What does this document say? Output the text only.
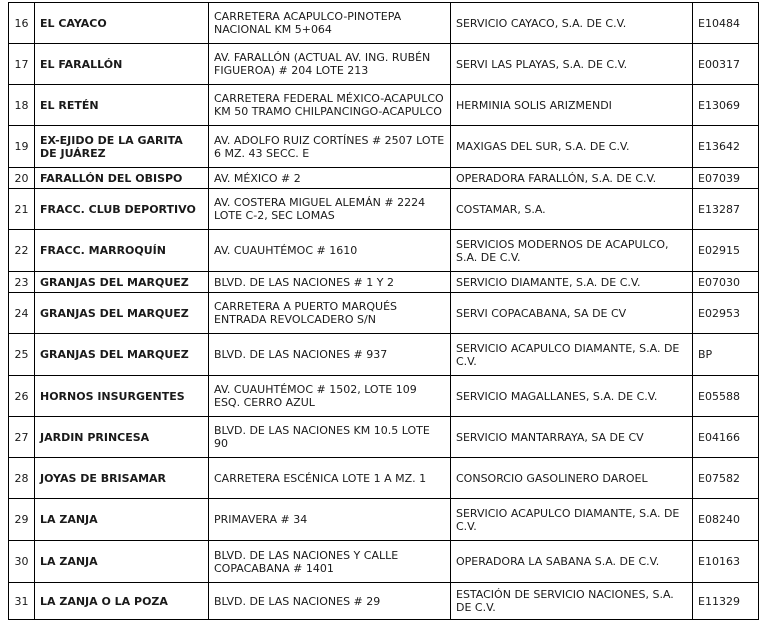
16	EL CAYACO	CARRETERA ACAPULCO-PINOTEPA NACIONAL KM 5+064	SERVICIO CAYACO, S.A. DE C.V.	E10484
17	EL FARALLÓN	AV. FARALLÓN (ACTUAL AV. ING. RUBÉN FIGUEROA) # 204 LOTE 213	SERVI LAS PLAYAS, S.A. DE C.V.	E00317
18	EL RETÉN	CARRETERA FEDERAL MÉXICO-ACAPULCO KM 50 TRAMO CHILPANCINGO-ACAPULCO	HERMINIA SOLIS ARIZMENDI	E13069
19	EX-EJIDO DE LA GARITA DE JUÁREZ	AV. ADOLFO RUIZ CORTÍNES # 2507 LOTE 6 MZ. 43 SECC. E	MAXIGAS DEL SUR, S.A. DE C.V.	E13642
20	FARALLÓN DEL OBISPO	AV. MÉXICO # 2	OPERADORA FARALLÓN, S.A. DE C.V.	E07039
21	FRACC. CLUB DEPORTIVO	AV. COSTERA MIGUEL ALEMÁN # 2224 LOTE C-2, SEC LOMAS	COSTAMAR, S.A.	E13287
22	FRACC. MARROQUÍN	AV. CUAUHTÉMOC # 1610	SERVICIOS MODERNOS DE ACAPULCO, S.A. DE C.V.	E02915
23	GRANJAS DEL MARQUEZ	BLVD. DE LAS NACIONES # 1 Y 2	SERVICIO DIAMANTE, S.A. DE C.V.	E07030
24	GRANJAS DEL MARQUEZ	CARRETERA A PUERTO MARQUÉS ENTRADA REVOLCADERO S/N	SERVI COPACABANA, SA DE CV	E02953
25	GRANJAS DEL MARQUEZ	BLVD. DE LAS NACIONES # 937	SERVICIO ACAPULCO DIAMANTE, S.A. DE C.V.	BP
26	HORNOS INSURGENTES	AV. CUAUHTÉMOC # 1502, LOTE 109 ESQ. CERRO AZUL	SERVICIO MAGALLANES, S.A. DE C.V.	E05588
27	JARDIN PRINCESA	BLVD. DE LAS NACIONES KM 10.5 LOTE 90	SERVICIO MANTARRAYA, SA DE CV	E04166
28	JOYAS DE BRISAMAR	CARRETERA ESCÉNICA LOTE 1 A MZ. 1	CONSORCIO GASOLINERO DAROEL	E07582
29	LA ZANJA	PRIMAVERA # 34	SERVICIO ACAPULCO DIAMANTE, S.A. DE C.V.	E08240
30	LA ZANJA	BLVD. DE LAS NACIONES Y CALLE COPACABANA # 1401	OPERADORA LA SABANA S.A. DE C.V.	E10163
31	LA ZANJA O LA POZA	BLVD. DE LAS NACIONES # 29	ESTACIÓN DE SERVICIO NACIONES, S.A. DE C.V.	E11329
